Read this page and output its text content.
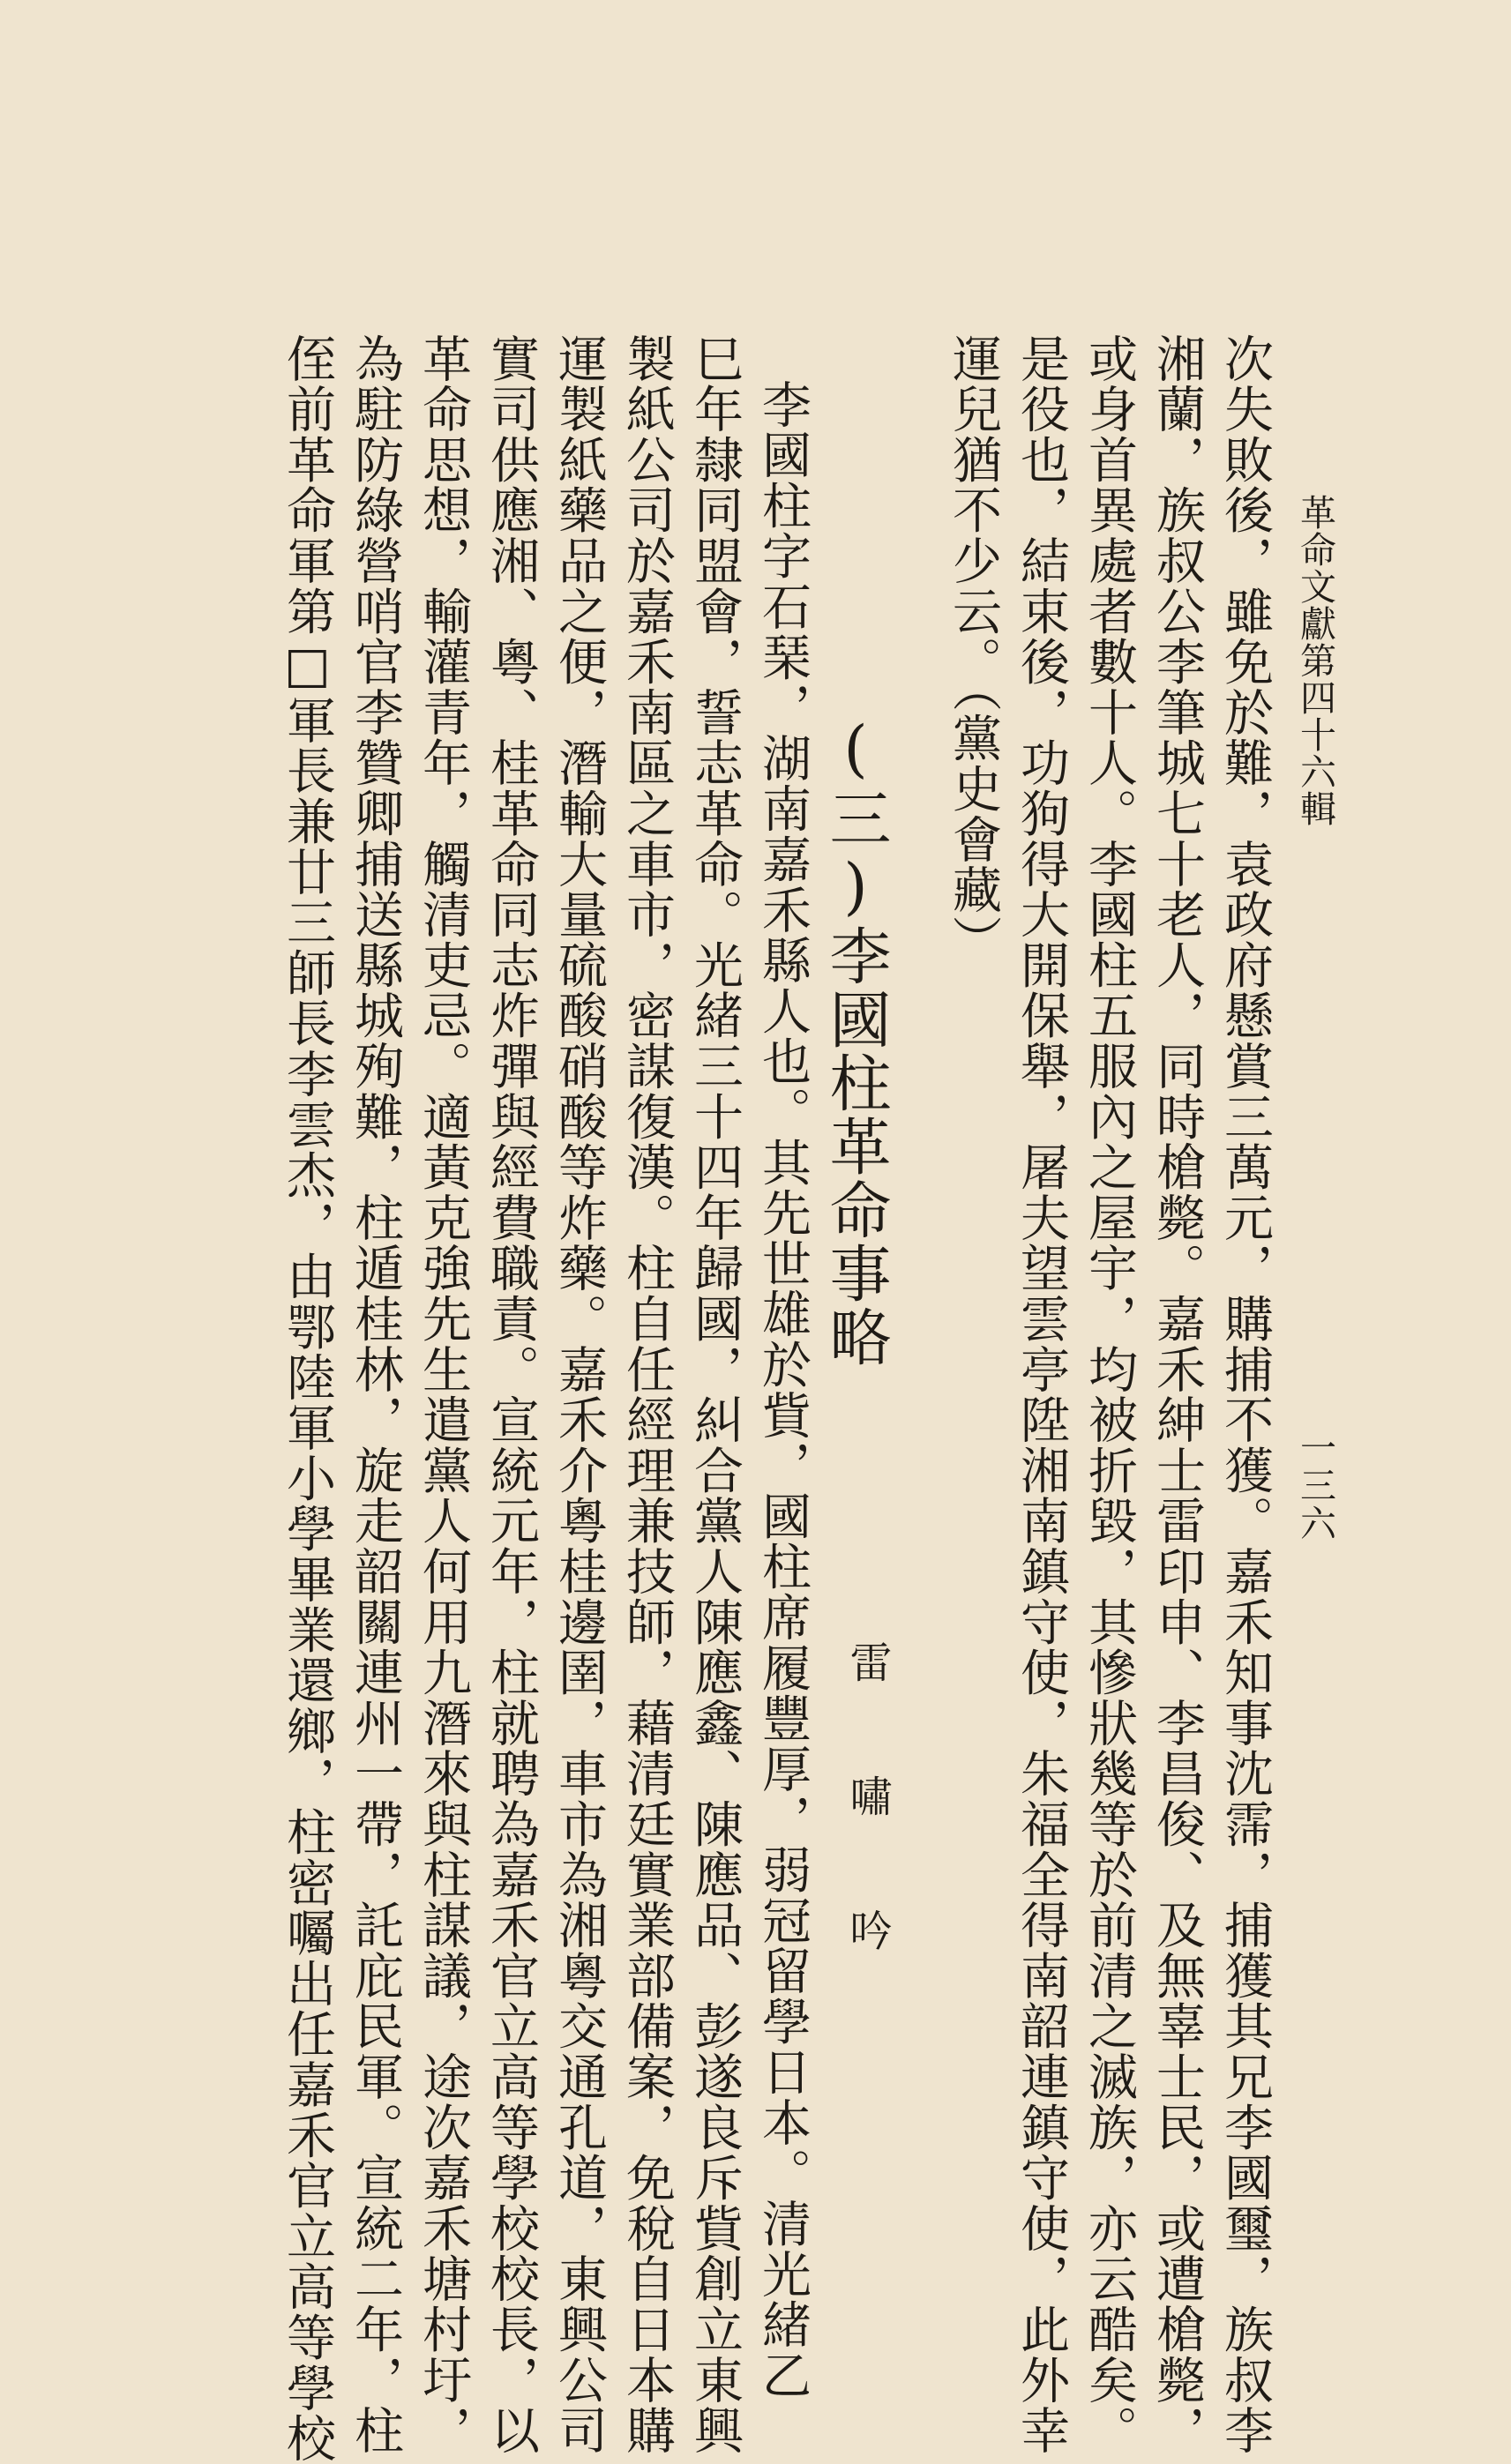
革命文獻第四十六輯
一三六
次失敗後，雖免於難，袁政府懸賞三萬元，購捕不獲。嘉禾知事沈霈，捕獲其兄李國璽，族叔李
湘蘭，族叔公李筆城七十老人，同時槍斃。嘉禾紳士雷印申、李昌俊、及無辜士民，或遭槍斃，
或身首異處者數十人。李國柱五服內之屋宇，均被折毀，其慘狀幾等於前清之滅族，亦云酷矣。
是役也，結束後，功狗得大開保舉，屠夫望雲亭陞湘南鎮守使，朱福全得南韶連鎮守使，此外幸
運兒猶不少云。（黨史會藏）
(三)李國柱革命事略
雷 嘯 吟
李國柱字石琹，湖南嘉禾縣人也。其先世雄於貲，國柱席履豐厚，弱冠留學日本。清光緒乙
巳年隸同盟會，誓志革命。光緒三十四年歸國，糾合黨人陳應鑫、陳應品、彭遂良斥貲創立東興
製紙公司於嘉禾南區之車市，密謀復漢。柱自任經理兼技師，藉清廷實業部備案，免稅自日本購
運製紙藥品之便，潛輸大量硫酸硝酸等炸藥。嘉禾介粵桂邊圉，車市為湘粵交通孔道，東興公司
實司供應湘、粵、桂革命同志炸彈與經費職責。宣統元年，柱就聘為嘉禾官立高等學校校長，以
革命思想，輸灌青年，觸清吏忌。適黃克強先生遣黨人何用九潛來與柱謀議，途次嘉禾塘村圩，
為駐防綠營哨官李贊卿捕送縣城殉難，柱遁桂林，旋走韶關連州一帶，託庇民軍。宣統二年，柱
侄前革命軍第□軍長兼廿三師長李雲杰，由鄂陸軍小學畢業還鄉，柱密囑出任嘉禾官立高等學校
